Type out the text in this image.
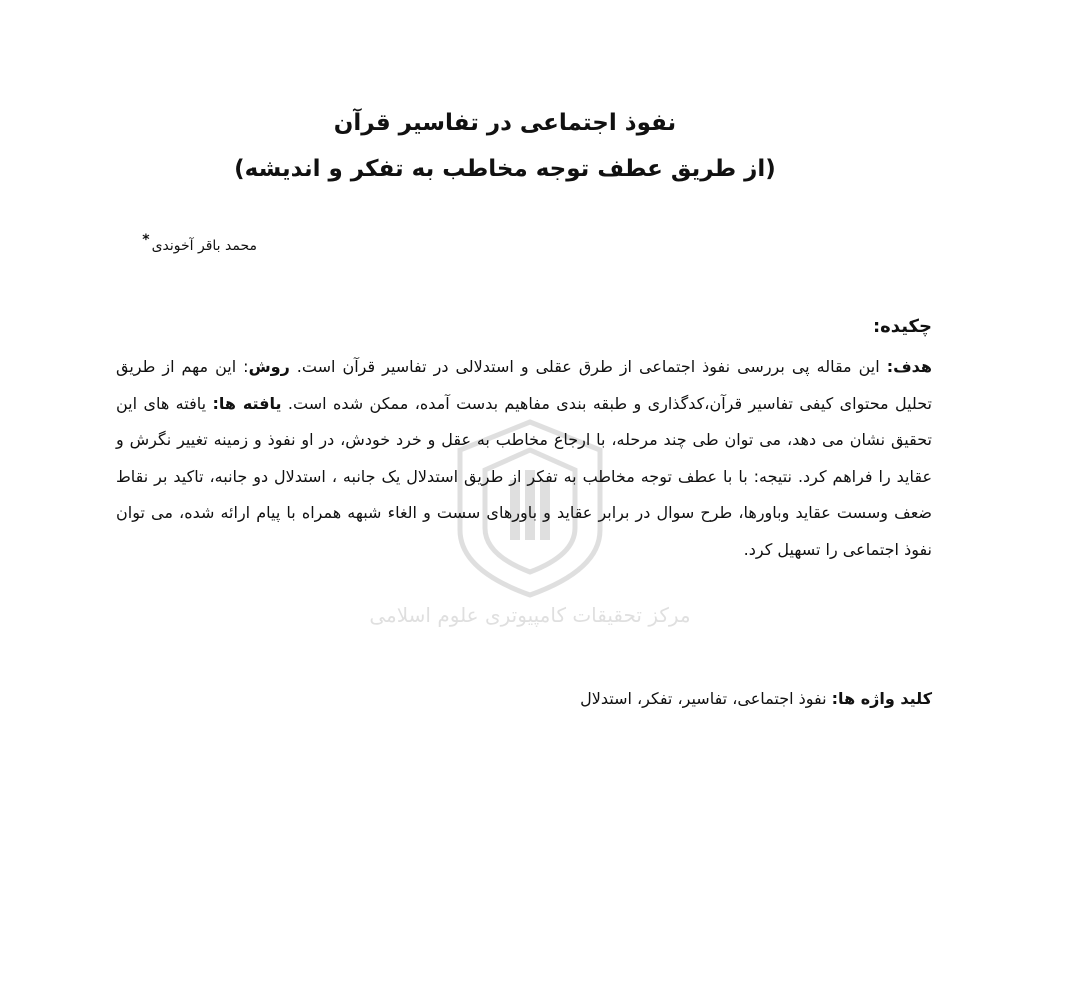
مرکز تحقیقات کامپیوتری علوم اسلامی
نفوذ اجتماعی در تفاسیر قرآن
(از طریق عطف توجه مخاطب به تفکر و اندیشه)
محمد باقر آخوندی*
چکیده:
هدف: این مقاله پی بررسی نفوذ اجتماعی از طرق عقلی و استدلالی در تفاسیر قرآن است. روش: این مهم از طریق تحلیل محتوای کیفی تفاسیر قرآن،کدگذاری و طبقه بندی مفاهیم بدست آمده، ممکن شده است. یافته ها: یافته های این تحقیق نشان می دهد، می توان طی چند مرحله، با ارجاع مخاطب به عقل و خرد خودش، در او نفوذ و زمینه تغییر نگرش و عقاید را فراهم کرد. نتیجه: با با عطف توجه مخاطب به تفکر از طریق استدلال یک جانبه ، استدلال دو جانبه، تاکید بر نقاط ضعف وسست عقاید وباورها، طرح سوال در برابر عقاید و باورهای سست و الغاء شبهه همراه با پیام ارائه شده، می توان نفوذ اجتماعی را تسهیل کرد.
کلید واژه ها: نفوذ اجتماعی، تفاسیر، تفکر، استدلال
